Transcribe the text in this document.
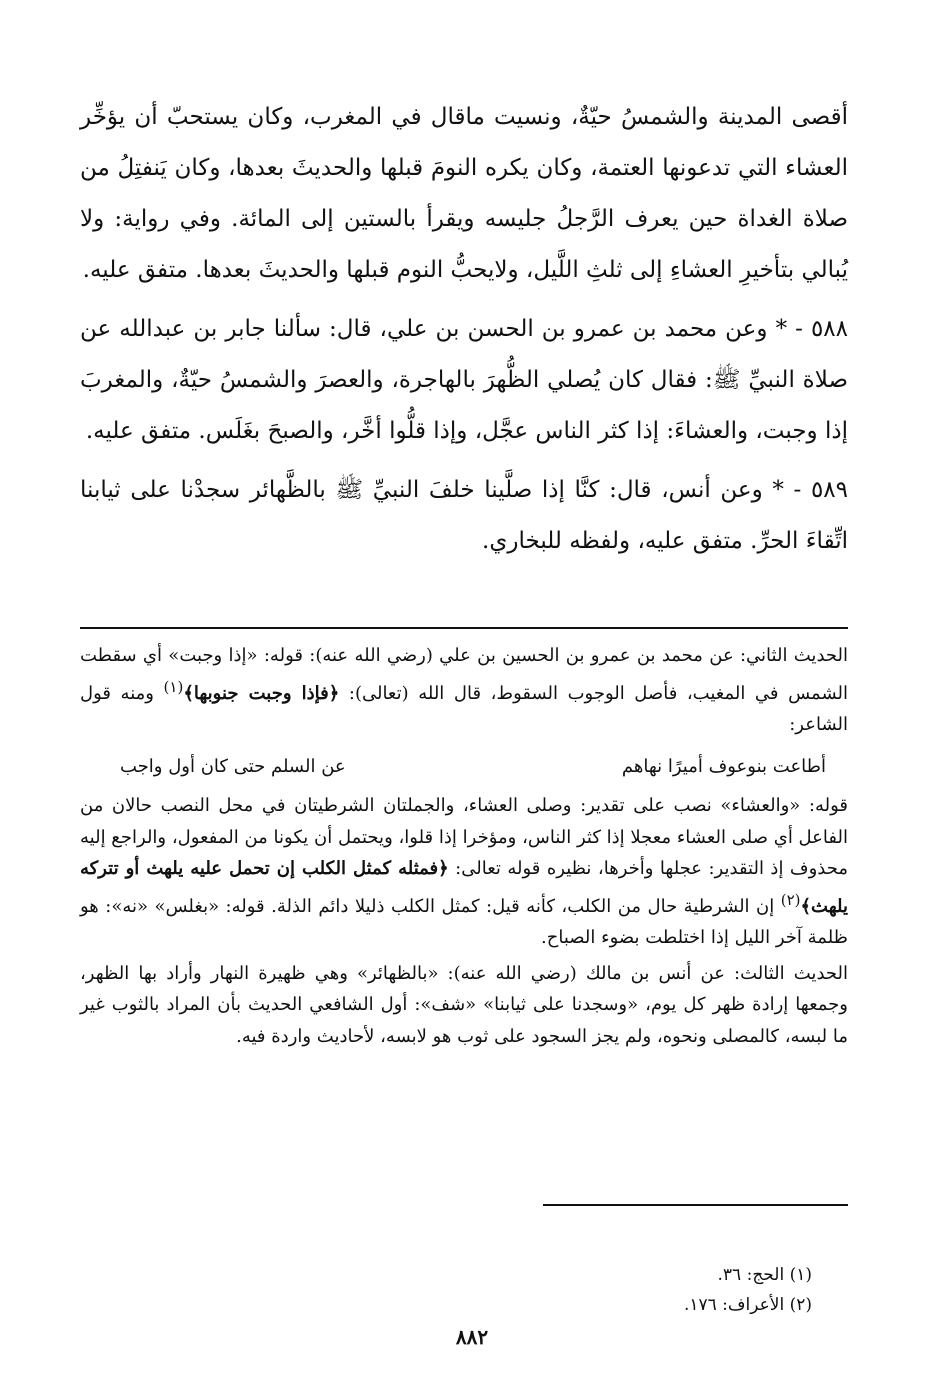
أقصى المدينة والشمسُ حيّةٌ، ونسيت ماقال في المغرب، وكان يستحبّ أن يؤخِّر العشاء التي تدعونها العتمة، وكان يكره النومَ قبلها والحديثَ بعدها، وكان يَنفتِلُ من صلاة الغداة حين يعرف الرَّجلُ جليسه ويقرأ بالستين إلى المائة. وفي رواية: ولا يُبالي بتأخيرِ العشاءِ إلى ثلثِ اللَّيل، ولايحبُّ النوم قبلها والحديثَ بعدها. متفق عليه.

٥٨٨ - * وعن محمد بن عمرو بن الحسن بن علي، قال: سألنا جابر بن عبدالله عن صلاة النبيِّ ﷺ: فقال كان يُصلي الظُّهرَ بالهاجرة، والعصرَ والشمسُ حيّةٌ، والمغربَ إذا وجبت، والعشاءَ: إذا كثر الناس عجَّل، وإذا قلُّوا أخَّر، والصبحَ بغَلَس. متفق عليه.

٥٨٩ - * وعن أنس، قال: كنَّا إذا صلَّينا خلفَ النبيِّ ﷺ بالظَّهائر سجدْنا على ثيابنا اتِّقاءَ الحرِّ. متفق عليه، ولفظه للبخاري.

الحديث الثاني: عن محمد بن عمرو بن الحسين بن علي (رضي الله عنه): قوله: «إذا وجبت» أي سقطت الشمس في المغيب، فأصل الوجوب السقوط، قال الله (تعالى): ﴿فإذا وجبت جنوبها﴾$^{(١)}$ ومنه قول الشاعر:

أطاعت بنوعوف أميرًا نهاهم
عن السلم حتى كان أول واجب

قوله: «والعشاء» نصب على تقدير: وصلى العشاء، والجملتان الشرطيتان في محل النصب حالان من الفاعل أي صلى العشاء معجلا إذا كثر الناس، ومؤخرا إذا قلوا، ويحتمل أن يكونا من المفعول، والراجع إليه محذوف إذ التقدير: عجلها وأخرها، نظيره قوله تعالى: ﴿فمثله كمثل الكلب إن تحمل عليه يلهث أو تتركه يلهث﴾$^{(٢)}$ إن الشرطية حال من الكلب، كأنه قيل: كمثل الكلب ذليلا دائم الذلة. قوله: «بغلس» «نه»: هو ظلمة آخر الليل إذا اختلطت بضوء الصباح.

الحديث الثالث: عن أنس بن مالك (رضي الله عنه): «بالظهائر» وهي ظهيرة النهار وأراد بها الظهر، وجمعها إرادة ظهر كل يوم، «وسجدنا على ثيابنا» «شف»: أول الشافعي الحديث بأن المراد بالثوب غير ما لبسه، كالمصلى ونحوه، ولم يجز السجود على ثوب هو لابسه، لأحاديث واردة فيه.

(١) الحج: ٣٦.
(٢) الأعراف: ١٧٦.
٨٨٢
